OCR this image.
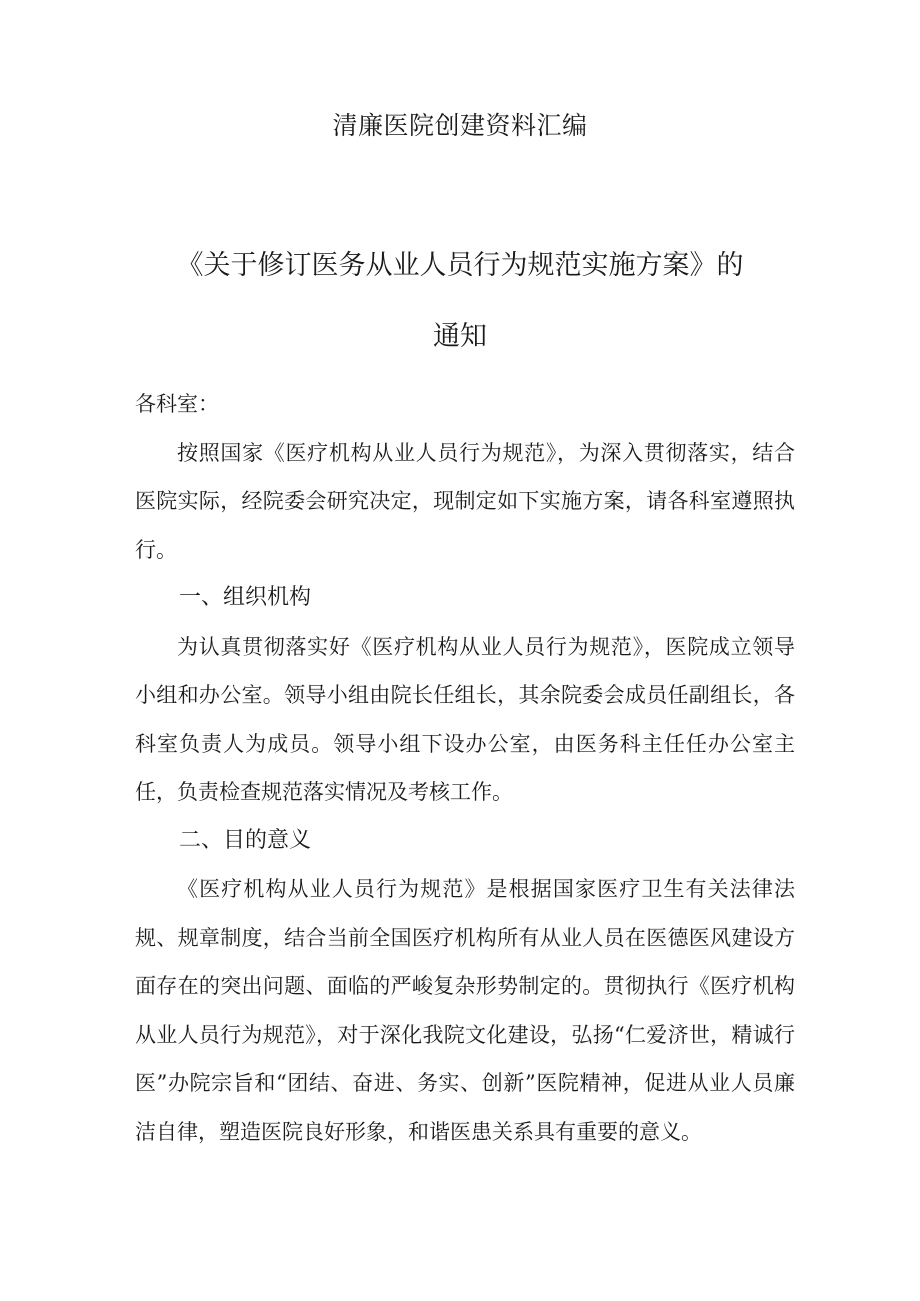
清廉医院创建资料汇编
《关于修订医务从业人员行为规范实施方案》的
通知

各科室：

按照国家《医疗机构从业人员行为规范》，为深入贯彻落实，结合医院实际，经院委会研究决定，现制定如下实施方案，请各科室遵照执行。

一、组织机构

为认真贯彻落实好《医疗机构从业人员行为规范》，医院成立领导小组和办公室。领导小组由院长任组长，其余院委会成员任副组长，各科室负责人为成员。领导小组下设办公室，由医务科主任任办公室主任，负责检查规范落实情况及考核工作。

二、目的意义

《医疗机构从业人员行为规范》是根据国家医疗卫生有关法律法规、规章制度，结合当前全国医疗机构所有从业人员在医德医风建设方面存在的突出问题、面临的严峻复杂形势制定的。贯彻执行《医疗机构从业人员行为规范》，对于深化我院文化建设，弘扬“仁爱济世，精诚行医”办院宗旨和“团结、奋进、务实、创新”医院精神，促进从业人员廉洁自律，塑造医院良好形象，和谐医患关系具有重要的意义。
